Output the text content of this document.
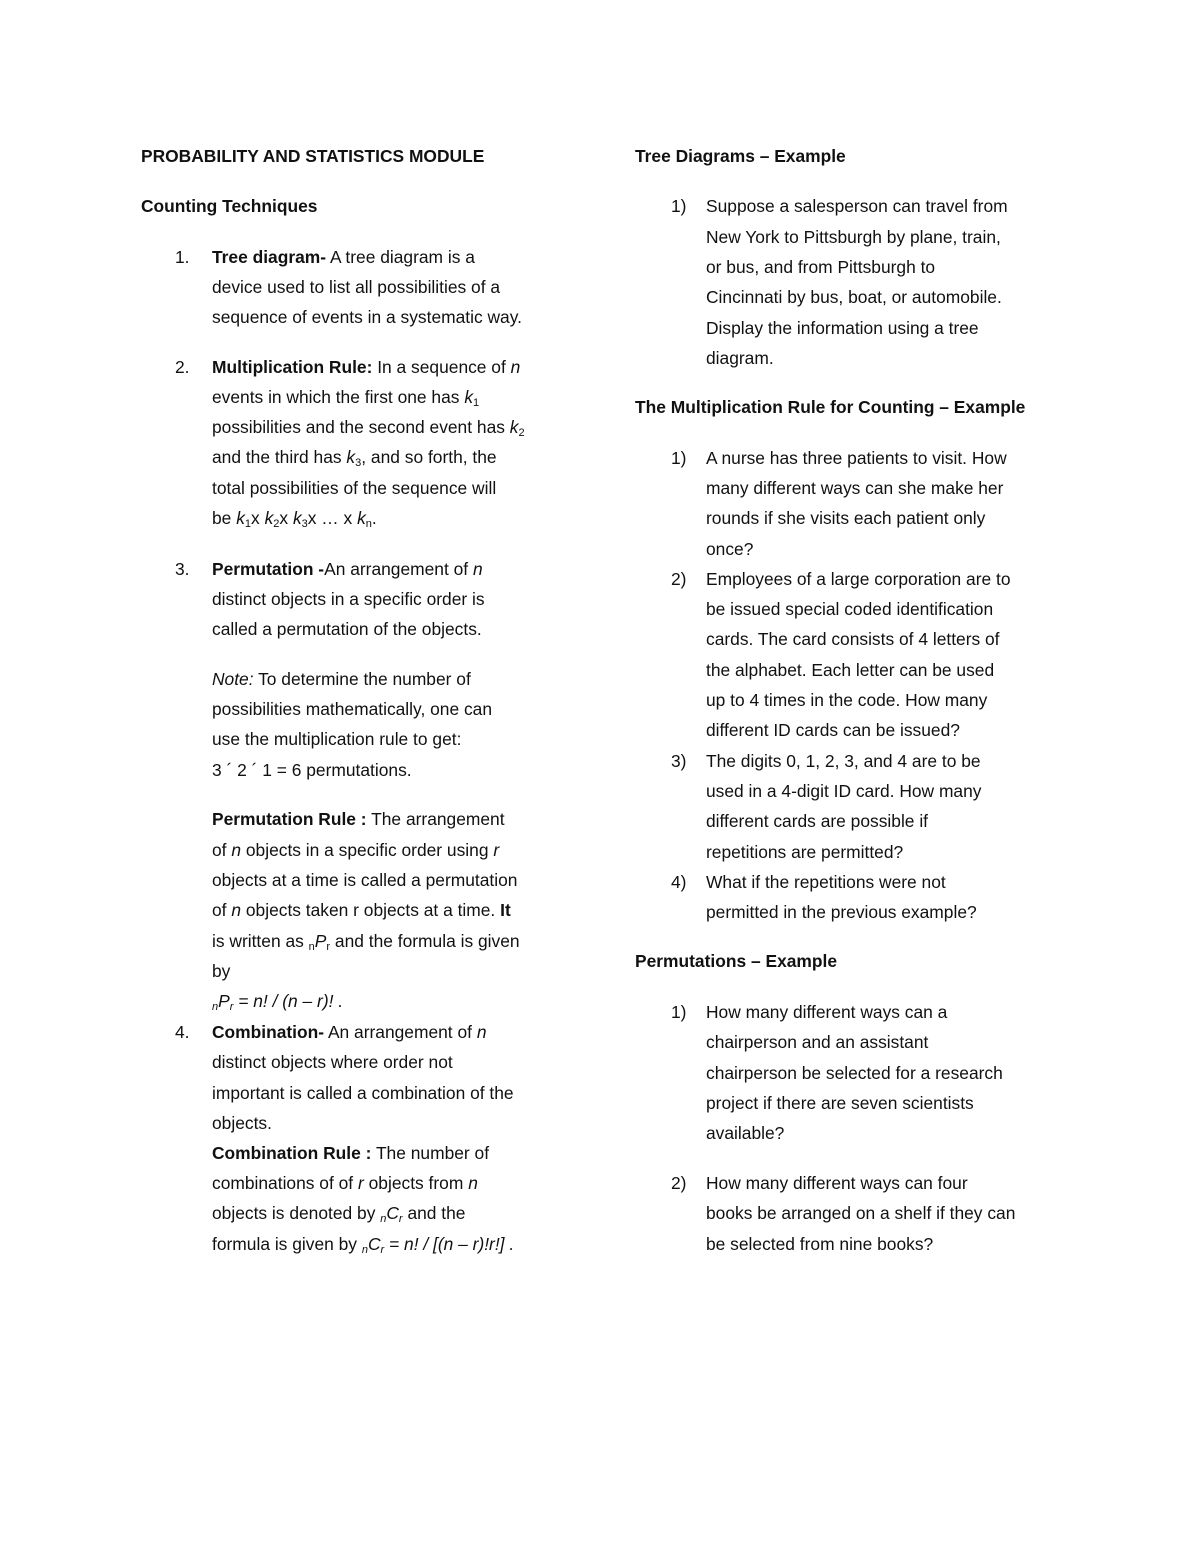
PROBABILITY AND STATISTICS MODULE
Counting Techniques
1. Tree diagram- A tree diagram is a
device used to list all possibilities of a
sequence of events in a systematic way.
2. Multiplication Rule: In a sequence of n
events in which the first one has $k_1$
possibilities and the second event has $k_2$
and the third has $k_3$, and so forth, the
total possibilities of the sequence will
be $k_1x$ $k_2x$ $k_3x$ … x $k_n$.
3. Permutation -An arrangement of n
distinct objects in a specific order is
called a permutation of the objects.
Note: To determine the number of
possibilities mathematically, one can
use the multiplication rule to get:
3 ´ 2 ´ 1 = 6 permutations.
Permutation Rule : The arrangement
of n objects in a specific order using r
objects at a time is called a permutation
of n objects taken r objects at a time. It
is written as $_nP_r$ and the formula is given
by
$_nP_r = n$! / (n – r)! .
4. Combination- An arrangement of n
distinct objects where order not
important is called a combination of the
objects.
Combination Rule : The number of
combinations of of r objects from n
objects is denoted by $_nC_r$ and the
formula is given by $_nC_r = n$! / [(n – r)!r!] .
Tree Diagrams – Example
1) Suppose a salesperson can travel from
New York to Pittsburgh by plane, train,
or bus, and from Pittsburgh to
Cincinnati by bus, boat, or automobile.
Display the information using a tree
diagram.
The Multiplication Rule for Counting – Example
1) A nurse has three patients to visit. How
many different ways can she make her
rounds if she visits each patient only
once?
2) Employees of a large corporation are to
be issued special coded identification
cards. The card consists of 4 letters of
the alphabet. Each letter can be used
up to 4 times in the code. How many
different ID cards can be issued?
3) The digits 0, 1, 2, 3, and 4 are to be
used in a 4-digit ID card. How many
different cards are possible if
repetitions are permitted?
4) What if the repetitions were not
permitted in the previous example?
Permutations – Example
1) How many different ways can a
chairperson and an assistant
chairperson be selected for a research
project if there are seven scientists
available?
2) How many different ways can four
books be arranged on a shelf if they can
be selected from nine books?
